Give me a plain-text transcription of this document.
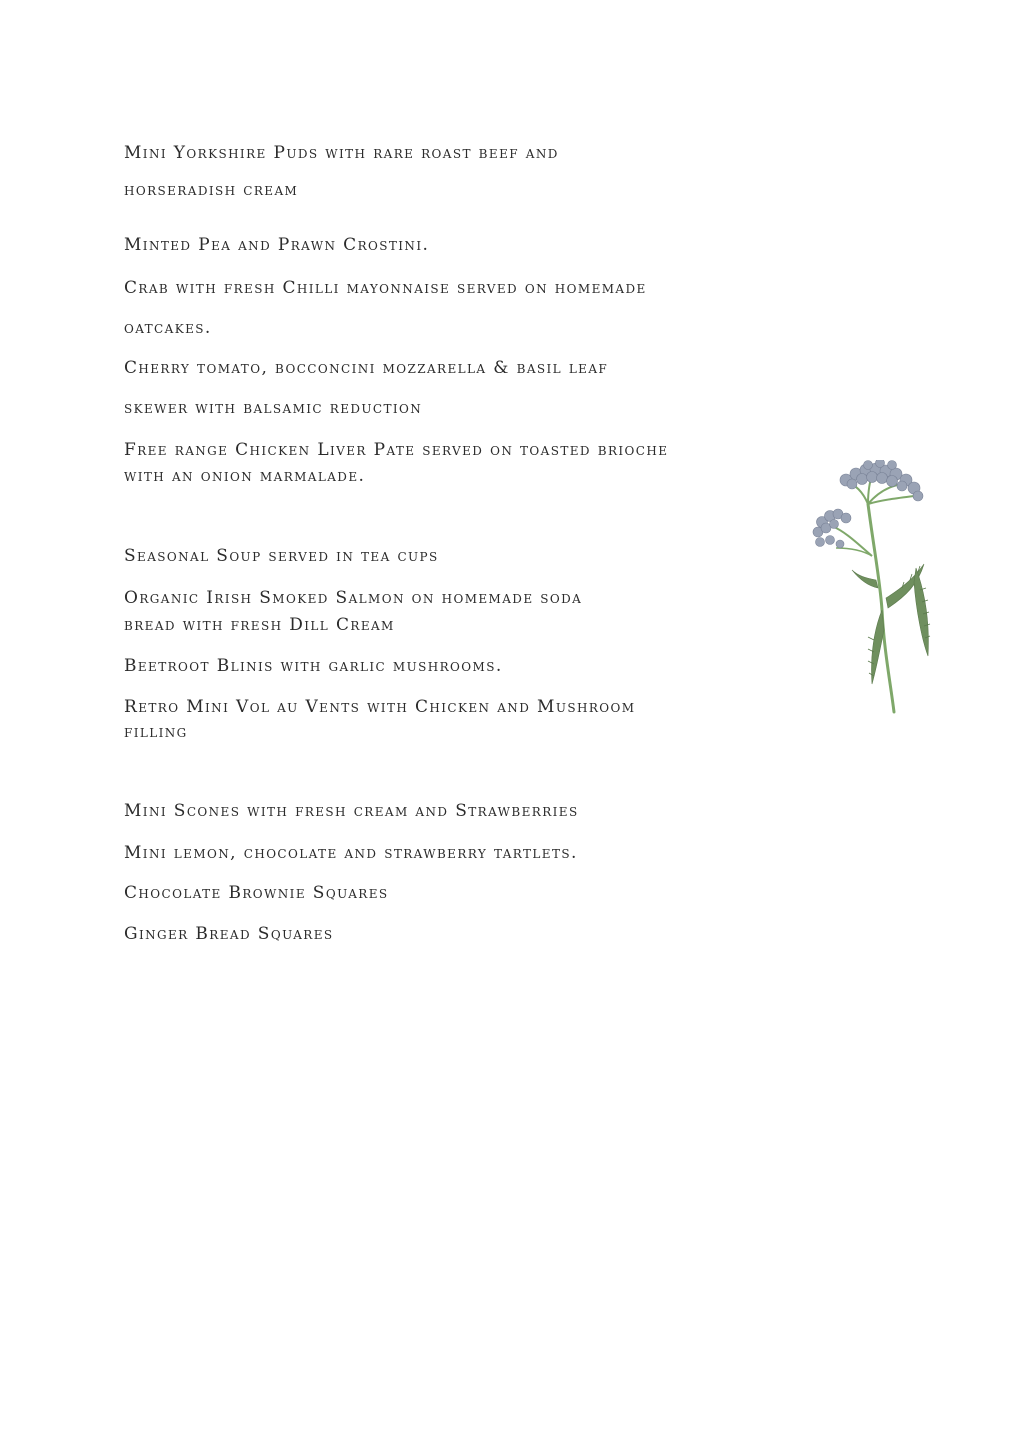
Mini Yorkshire Puds with rare roast beef and

horseradish cream

Minted Pea and Prawn Crostini.

Crab with fresh Chilli mayonnaise served on homemade

oatcakes.

Cherry tomato, bocconcini mozzarella & basil leaf

skewer with balsamic reduction

Free range Chicken Liver Pate served on toasted brioche

with an onion marmalade.

Seasonal Soup served in tea cups

Organic Irish Smoked Salmon on homemade soda

bread with fresh Dill Cream

Beetroot Blinis with garlic mushrooms.

Retro Mini Vol au Vents with Chicken and Mushroom

filling

Mini Scones with fresh cream and Strawberries

Mini lemon, chocolate and strawberry tartlets.

Chocolate Brownie Squares

Ginger Bread Squares
